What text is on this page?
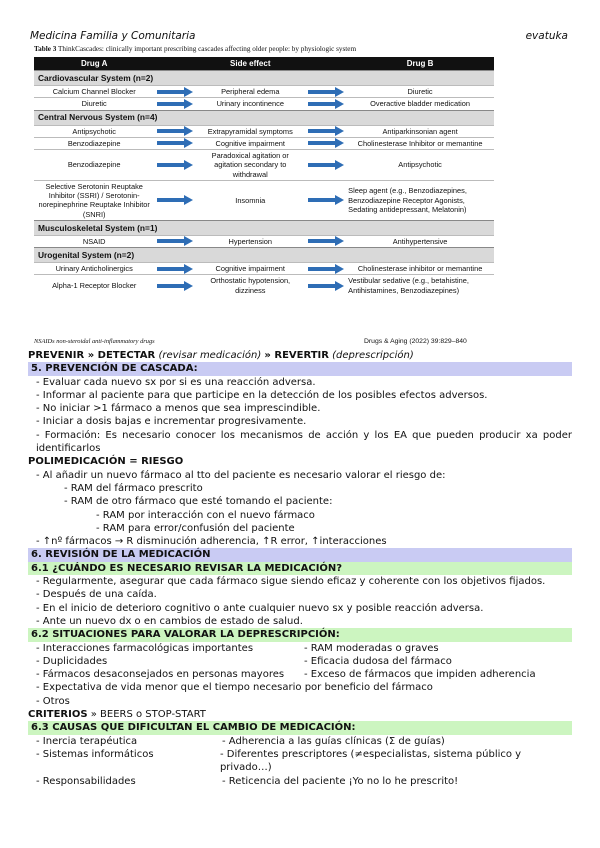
Medicina Familia y Comunitaria	evatuka
Table 3 ThinkCascades: clinically important prescribing cascades affecting older people: by physiologic system
Drug A		Side effect		Drug B
Cardiovascular System (n=2)				
Calcium Channel Blocker		Peripheral edema		Diuretic
Diuretic		Urinary incontinence		Overactive bladder medication
Central Nervous System (n=4)				
Antipsychotic		Extrapyramidal symptoms		Antiparkinsonian agent
Benzodiazepine		Cognitive impairment		Cholinesterase Inhibitor or memantine
Benzodiazepine		Paradoxical agitation or agitation secondary to withdrawal		Antipsychotic
Selective Serotonin Reuptake Inhibitor (SSRI) / Serotonin-norepinephrine Reuptake Inhibitor (SNRI)		Insomnia		Sleep agent (e.g., Benzodiazepines, Benzodiazepine Receptor Agonists, Sedating antidepressant, Melatonin)
Musculoskeletal System (n=1)				
NSAID		Hypertension		Antihypertensive
Urogenital System (n=2)				
Urinary Anticholinergics		Cognitive impairment		Cholinesterase inhibitor or memantine
Alpha-1 Receptor Blocker		Orthostatic hypotension, dizziness		Vestibular sedative (e.g., betahistine, Antihistamines, Benzodiazepines)
NSAIDs non-steroidal anti-inflammatory drugs	Drugs & Aging (2022) 39:829–840

PREVENIR » DETECTAR (revisar medicación) » REVERTIR (deprescripción)

5. PREVENCIÓN DE CASCADA:

- Evaluar cada nuevo sx por si es una reacción adversa.

- Informar al paciente para que participe en la detección de los posibles efectos adversos.

- No iniciar >1 fármaco a menos que sea imprescindible.

- Iniciar a dosis bajas e incrementar progresivamente.

- Formación: Es necesario conocer los mecanismos de acción y los EA que pueden producir xa poder identificarlos

POLIMEDICACIÓN = RIESGO

- Al añadir un nuevo fármaco al tto del paciente es necesario valorar el riesgo de:

- RAM del fármaco prescrito

- RAM de otro fármaco que esté tomando el paciente:

- RAM por interacción con el nuevo fármaco

- RAM para error/confusión del paciente

- ↑nº fármacos → R disminución adherencia, ↑R error, ↑interacciones

6. REVISIÓN DE LA MEDICACIÓN

6.1 ¿CUÁNDO ES NECESARIO REVISAR LA MEDICACIÓN?

- Regularmente, asegurar que cada fármaco sigue siendo eficaz y coherente con los objetivos fijados.

- Después de una caída.

- En el inicio de deterioro cognitivo o ante cualquier nuevo sx y posible reacción adversa.

- Ante un nuevo dx o en cambios de estado de salud.

6.2 SITUACIONES PARA VALORAR LA DEPRESCRIPCIÓN:

- Interacciones farmacológicas importantes	- RAM moderadas o graves
- Duplicidades	- Eficacia dudosa del fármaco
- Fármacos desaconsejados en personas mayores	- Exceso de fármacos que impiden adherencia

- Expectativa de vida menor que el tiempo necesario por beneficio del fármaco

- Otros

CRITERIOS » BEERS o STOP-START

6.3 CAUSAS QUE DIFICULTAN EL CAMBIO DE MEDICACIÓN:

- Inercia terapéutica	- Adherencia a las guías clínicas (Σ de guías)
- Sistemas informáticos	- Diferentes prescriptores (≠especialistas, sistema público y privado…)
- Responsabilidades	- Reticencia del paciente ¡Yo no lo he prescrito!
